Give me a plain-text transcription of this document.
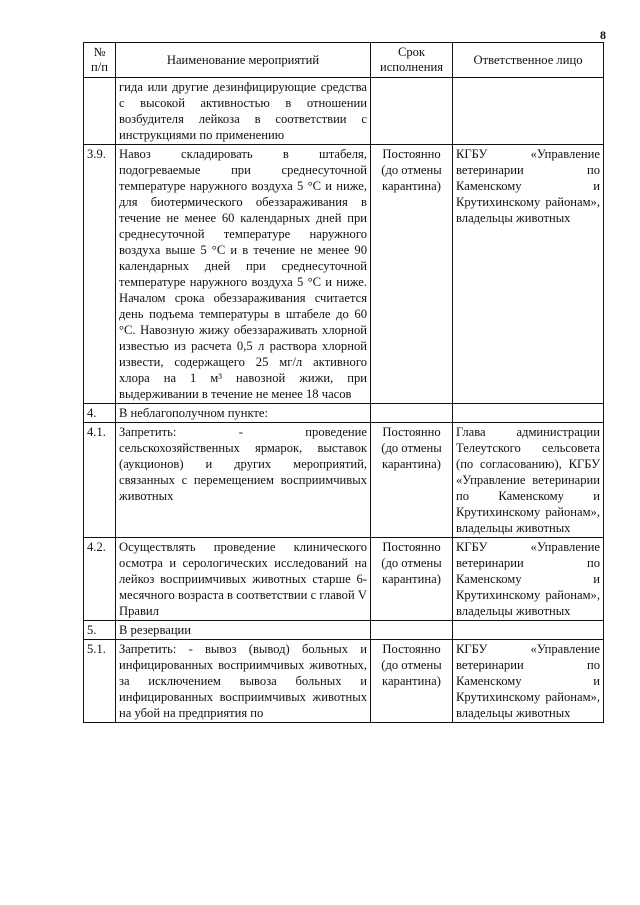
8
№ п/п	Наименование мероприятий	Срок исполнения	Ответственное лицо
	гида или другие дезинфицирующие средства с высокой активностью в отношении возбудителя лейкоза в соответствии с инструкциями по применению		
3.9.	Навоз складировать в штабеля, подогреваемые при среднесуточной температуре наружного воздуха 5 °С и ниже, для биотермического обеззараживания в течение не менее 60 календарных дней при среднесуточной температуре наружного воздуха выше 5 °С и в течение не менее 90 календарных дней при среднесуточной температуре наружного воздуха 5 °С и ниже. Началом срока обеззараживания считается день подъема температуры в штабеле до 60 °С. Навозную жижу обеззараживать хлорной известью из расчета 0,5 л раствора хлорной извести, содержащего 25 мг/л активного хлора на 1 м³ навозной жижи, при выдерживании в течение не менее 18 часов	Постоянно (до отмены карантина)	КГБУ «Управление ветеринарии по Каменскому и Крутихинскому районам», владельцы животных
4.	В неблагополучном пункте:		
4.1.	Запретить: - проведение сельскохозяйственных ярмарок, выставок (аукционов) и других мероприятий, связанных с перемещением восприимчивых животных	Постоянно (до отмены карантина)	Глава администрации Телеутского сельсовета (по согласованию), КГБУ «Управление ветеринарии по Каменскому и Крутихинскому районам», владельцы животных
4.2.	Осуществлять проведение клинического осмотра и серологических исследований на лейкоз восприимчивых животных старше 6-месячного возраста в соответствии с главой V Правил	Постоянно (до отмены карантина)	КГБУ «Управление ветеринарии по Каменскому и Крутихинскому районам», владельцы животных
5.	В резервации		
5.1.	Запретить: - вывоз (вывод) больных и инфицированных восприимчивых животных, за исключением вывоза больных и инфицированных восприимчивых животных на убой на предприятия по	Постоянно (до отмены карантина)	КГБУ «Управление ветеринарии по Каменскому и Крутихинскому районам», владельцы животных
